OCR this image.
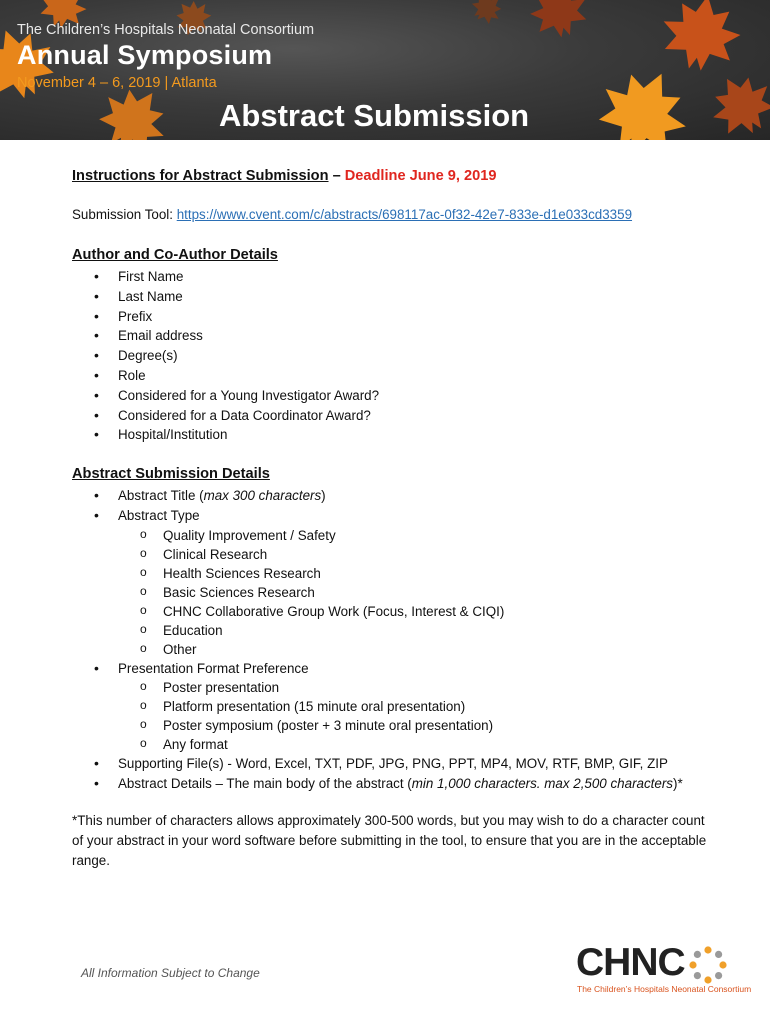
The Children’s Hospitals Neonatal Consortium
Annual Symposium
November 4 – 6, 2019 | Atlanta
Abstract Submission
Instructions for Abstract Submission – Deadline June 9, 2019
Submission Tool: https://www.cvent.com/c/abstracts/698117ac-0f32-42e7-833e-d1e033cd3359
Author and Co-Author Details
• First Name
• Last Name
• Prefix
• Email address
• Degree(s)
• Role
• Considered for a Young Investigator Award?
• Considered for a Data Coordinator Award?
• Hospital/Institution
Abstract Submission Details
• Abstract Title (max 300 characters)
• Abstract Type
o Quality Improvement / Safety
o Clinical Research
o Health Sciences Research
o Basic Sciences Research
o CHNC Collaborative Group Work (Focus, Interest & CIQI)
o Education
o Other
• Presentation Format Preference
o Poster presentation
o Platform presentation (15 minute oral presentation)
o Poster symposium (poster + 3 minute oral presentation)
o Any format
• Supporting File(s) - Word, Excel, TXT, PDF, JPG, PNG, PPT, MP4, MOV, RTF, BMP, GIF, ZIP
• Abstract Details – The main body of the abstract (min 1,000 characters. max 2,500 characters)*
*This number of characters allows approximately 300-500 words, but you may wish to do a character count of your abstract in your word software before submitting in the tool, to ensure that you are in the acceptable range.
All Information Subject to Change	CHNC
The Children’s Hospitals Neonatal Consortium
